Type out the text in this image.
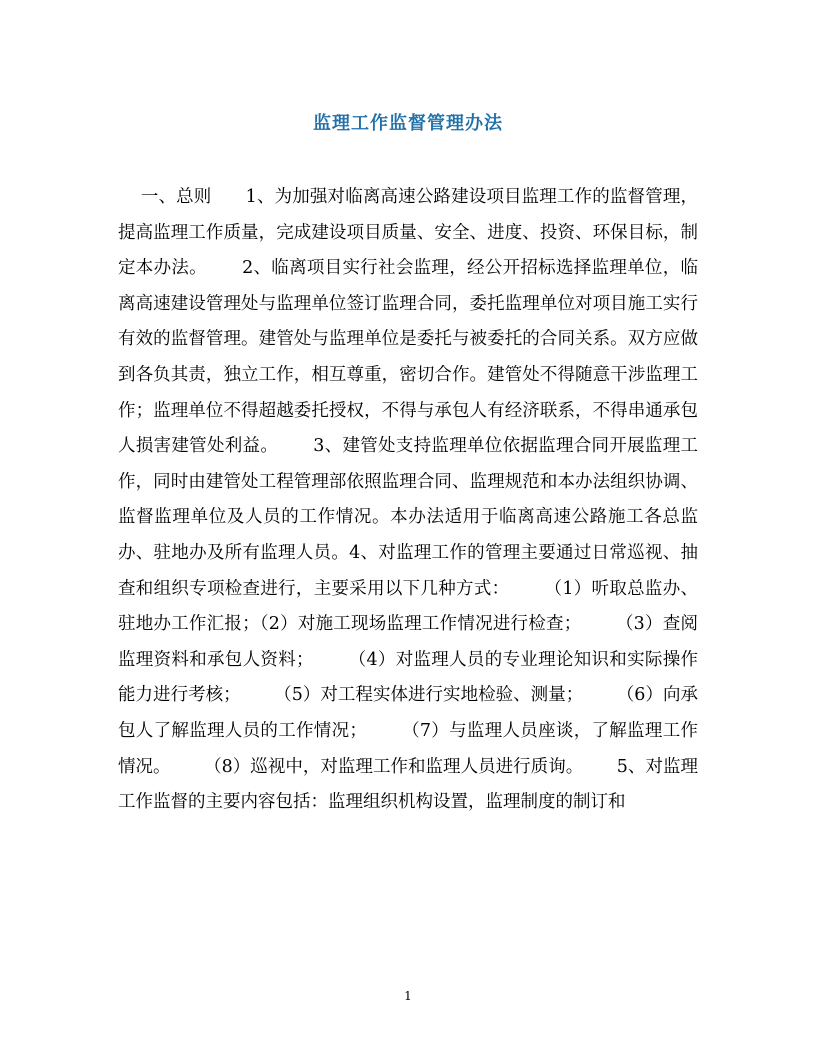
监理工作监督管理办法
一、总则      1、为加强对临离高速公路建设项目监理工作的监督管理，提高监理工作质量，完成建设项目质量、安全、进度、投资、环保目标，制定本办法。      2、临离项目实行社会监理，经公开招标选择监理单位，临离高速建设管理处与监理单位签订监理合同，委托监理单位对项目施工实行有效的监督管理。建管处与监理单位是委托与被委托的合同关系。双方应做到各负其责，独立工作，相互尊重，密切合作。建管处不得随意干涉监理工作；监理单位不得超越委托授权，不得与承包人有经济联系，不得串通承包人损害建管处利益。      3、建管处支持监理单位依据监理合同开展监理工作，同时由建管处工程管理部依照监理合同、监理规范和本办法组织协调、监督监理单位及人员的工作情况。本办法适用于临离高速公路施工各总监办、驻地办及所有监理人员。4、对监理工作的管理主要通过日常巡视、抽查和组织专项检查进行，主要采用以下几种方式：      （1）听取总监办、驻地办工作汇报；（2）对施工现场监理工作情况进行检查；      （3）查阅监理资料和承包人资料；      （4）对监理人员的专业理论知识和实际操作能力进行考核；      （5）对工程实体进行实地检验、测量；      （6）向承包人了解监理人员的工作情况；      （7）与监理人员座谈，了解监理工作情况。      （8）巡视中，对监理工作和监理人员进行质询。      5、对监理工作监督的主要内容包括：监理组织机构设置，监理制度的制订和
1
